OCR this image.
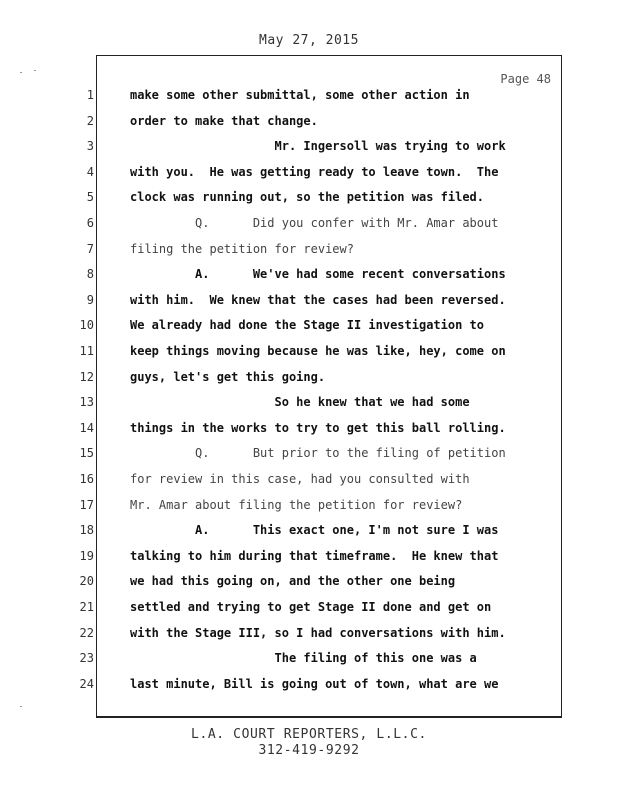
May 27, 2015
Page 48
1
2
3
4
5
6
7
8
9
10
11
12
13
14
15
16
17
18
19
20
21
22
23
24
make some other submittal, some other action in
order to make that change.
Mr. Ingersoll was trying to work
with you.  He was getting ready to leave town.  The
clock was running out, so the petition was filed.
Q.      Did you confer with Mr. Amar about
filing the petition for review?
A.      We've had some recent conversations
with him.  We knew that the cases had been reversed.
We already had done the Stage II investigation to
keep things moving because he was like, hey, come on
guys, let's get this going.
So he knew that we had some
things in the works to try to get this ball rolling.
Q.      But prior to the filing of petition
for review in this case, had you consulted with
Mr. Amar about filing the petition for review?
A.      This exact one, I'm not sure I was
talking to him during that timeframe.  He knew that
we had this going on, and the other one being
settled and trying to get Stage II done and get on
with the Stage III, so I had conversations with him.
The filing of this one was a
last minute, Bill is going out of town, what are we
L.A. COURT REPORTERS, L.L.C.
312-419-9292
